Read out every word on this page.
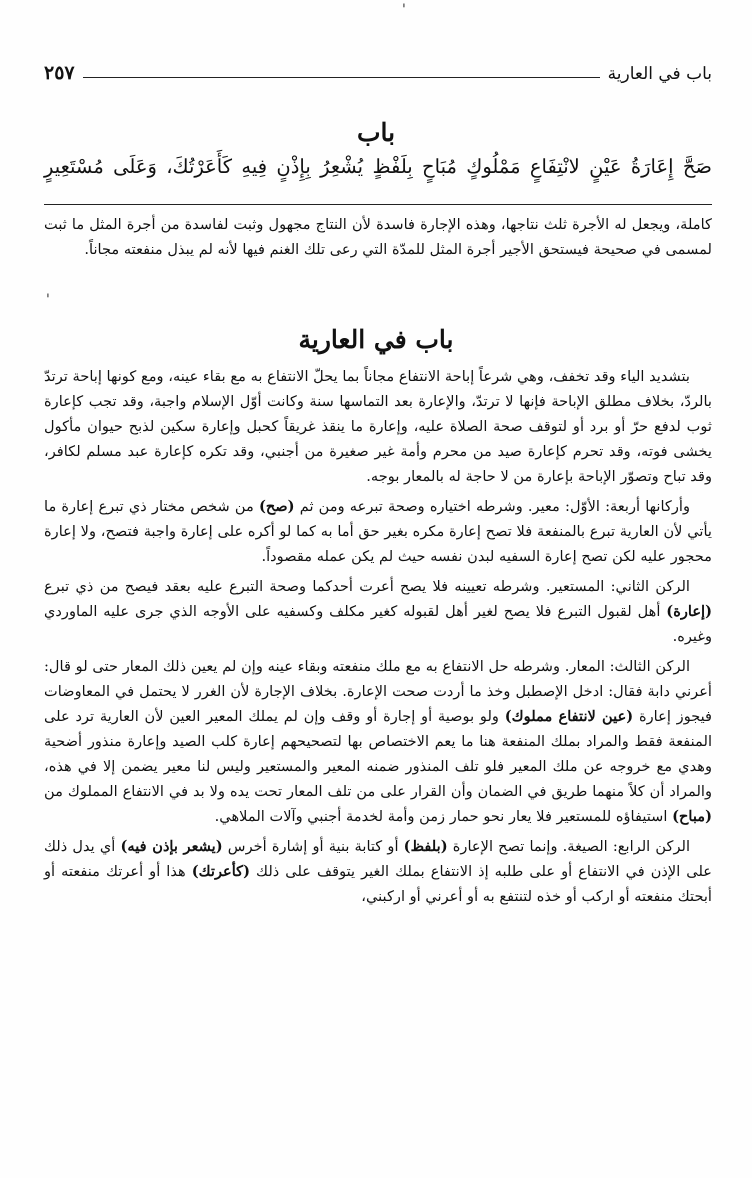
باب في العارية
٢٥٧
'
'
باب
صَحَّ إِعَارَةُ عَيْنٍ لانْتِفَاعٍ مَمْلُوكٍ مُبَاحٍ بِلَفْظٍ يُشْعِرُ بِإِذْنٍ فِيهِ كَأَعَرْتُكَ، وَعَلَى مُسْتَعِيرٍ

كاملة، ويجعل له الأجرة ثلث نتاجها، وهذه الإجارة فاسدة لأن النتاج مجهول وثبت لفاسدة من أجرة المثل ما ثبت لمسمى في صحيحة فيستحق الأجير أجرة المثل للمدّة التي رعى تلك الغنم فيها لأنه لم يبذل منفعته مجاناً.

باب في العارية

بتشديد الياء وقد تخفف، وهي شرعاً إباحة الانتفاع مجاناً بما يحلّ الانتفاع به مع بقاء عينه، ومع كونها إباحة ترتدّ بالردّ، بخلاف مطلق الإباحة فإنها لا ترتدّ، والإعارة بعد التماسها سنة وكانت أوّل الإسلام واجبة، وقد تجب كإعارة ثوب لدفع حرّ أو برد أو لتوقف صحة الصلاة عليه، وإعارة ما ينقذ غريقاً كحبل وإعارة سكين لذبح حيوان مأكول يخشى فوته، وقد تحرم كإعارة صيد من محرم وأمة غير صغيرة من أجنبي، وقد تكره كإعارة عبد مسلم لكافر، وقد تباح وتصوّر الإباحة بإعارة من لا حاجة له بالمعار بوجه.

وأركانها أربعة: الأوّل: معير. وشرطه اختياره وصحة تبرعه ومن ثم (صح) من شخص مختار ذي تبرع إعارة ما يأتي لأن العارية تبرع بالمنفعة فلا تصح إعارة مكره بغير حق أما به كما لو أكره على إعارة واجبة فتصح، ولا إعارة محجور عليه لكن تصح إعارة السفيه لبدن نفسه حيث لم يكن عمله مقصوداً.

الركن الثاني: المستعير. وشرطه تعيينه فلا يصح أعرت أحدكما وصحة التبرع عليه بعقد فيصح من ذي تبرع (إعارة) أهل لقبول التبرع فلا يصح لغير أهل لقبوله كغير مكلف وكسفيه على الأوجه الذي جرى عليه الماوردي وغيره.

الركن الثالث: المعار. وشرطه حل الانتفاع به مع ملك منفعته وبقاء عينه وإن لم يعين ذلك المعار حتى لو قال: أعرني دابة فقال: ادخل الإصطبل وخذ ما أردت صحت الإعارة. بخلاف الإجارة لأن الغرر لا يحتمل في المعاوضات فيجوز إعارة (عين لانتفاع مملوك) ولو بوصية أو إجارة أو وقف وإن لم يملك المعير العين لأن العارية ترد على المنفعة فقط والمراد بملك المنفعة هنا ما يعم الاختصاص بها لتصحيحهم إعارة كلب الصيد وإعارة منذور أضحية وهدي مع خروجه عن ملك المعير فلو تلف المنذور ضمنه المعير والمستعير وليس لنا معير يضمن إلا في هذه، والمراد أن كلاً منهما طريق في الضمان وأن القرار على من تلف المعار تحت يده ولا بد في الانتفاع المملوك من (مباح) استيفاؤه للمستعير فلا يعار نحو حمار زمن وأمة لخدمة أجنبي وآلات الملاهي.

الركن الرابع: الصيغة. وإنما تصح الإعارة (بلفظ) أو كتابة بنية أو إشارة أخرس (يشعر بإذن فيه) أي يدل ذلك على الإذن في الانتفاع أو على طلبه إذ الانتفاع بملك الغير يتوقف على ذلك (كأعرتك) هذا أو أعرتك منفعته أو أبحتك منفعته أو اركب أو خذه لتنتفع به أو أعرني أو اركبني،
